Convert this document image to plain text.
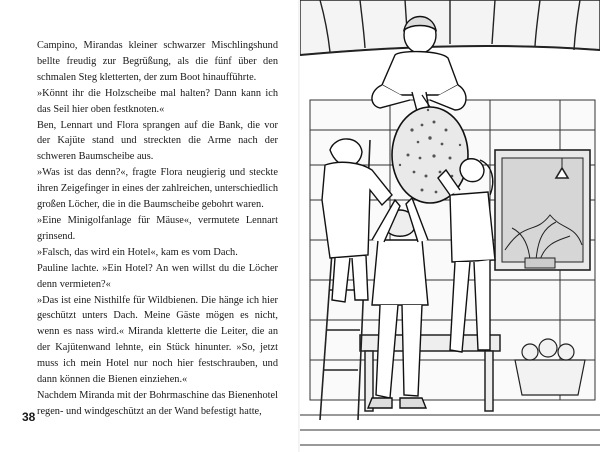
Campino, Mirandas kleiner schwarzer Mischlingshund bellte freudig zur Begrüßung, als die fünf über den schmalen Steg kletterten, der zum Boot hinaufführte.

»Könnt ihr die Holzscheibe mal halten? Dann kann ich das Seil hier oben festknoten.«

Ben, Lennart und Flora sprangen auf die Bank, die vor der Kajüte stand und streckten die Arme nach der schweren Baumscheibe aus.

»Was ist das denn?«, fragte Flora neugierig und steckte ihren Zeigefinger in eines der zahlreichen, unterschiedlich großen Löcher, die in die Baumscheibe gebohrt waren.

»Eine Minigolfanlage für Mäuse«, vermutete Lennart grinsend.

»Falsch, das wird ein Hotel«, kam es vom Dach.

Pauline lachte. »Ein Hotel? An wen willst du die Löcher denn vermieten?«

»Das ist eine Nisthilfe für Wildbienen. Die hänge ich hier geschützt unters Dach. Meine Gäste mögen es nicht, wenn es nass wird.« Miranda kletterte die Leiter, die an der Kajütenwand lehnte, ein Stück hinunter. »So, jetzt muss ich mein Hotel nur noch hier festschrauben, und dann können die Bienen einziehen.«

Nachdem Miranda mit der Bohrmaschine das Bienenhotel regen- und windgeschützt an der Wand befestigt hatte,

38
